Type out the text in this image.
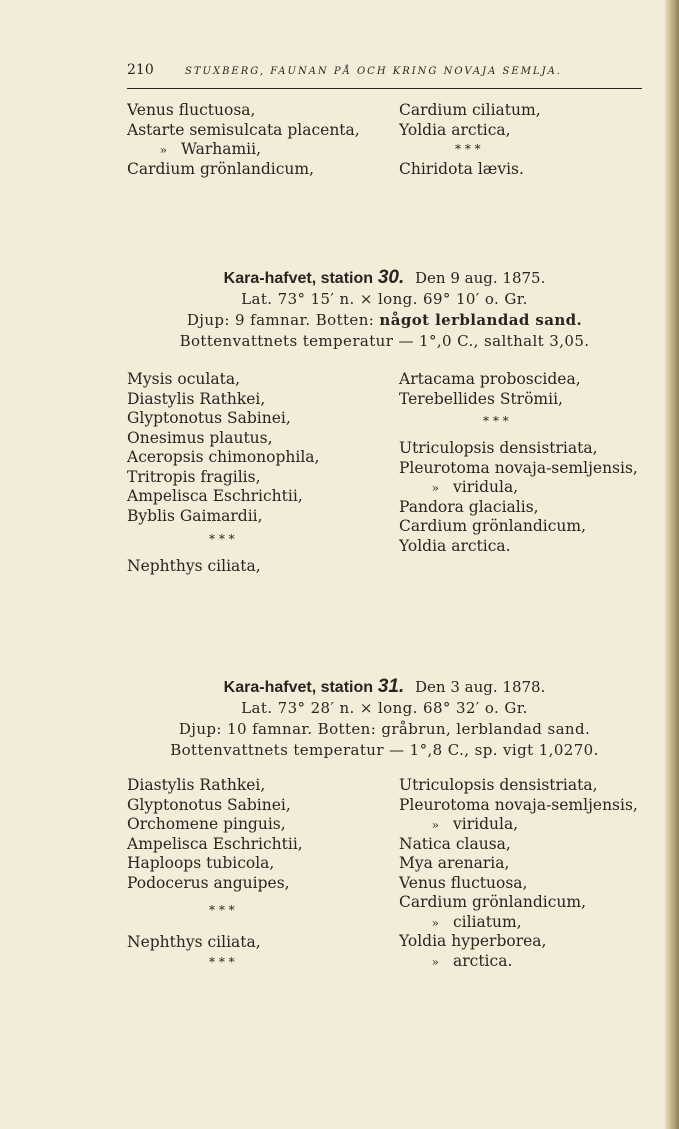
210	STUXBERG, FAUNAN PÅ OCH KRING NOVAJA SEMLJA.
Venus fluctuosa,
Astarte semisulcata placenta,
» Warhamii,
Cardium grönlandicum,
Cardium ciliatum,
Yoldia arctica,
* * *
Chiridota lævis.
Kara-hafvet, station 30. Den 9 aug. 1875.
Lat. 73° 15′ n. × long. 69° 10′ o. Gr.
Djup: 9 famnar. Botten: något lerblandad sand.
Bottenvattnets temperatur — 1°,0 C., salthalt 3,05.
Mysis oculata,
Diastylis Rathkei,
Glyptonotus Sabinei,
Onesimus plautus,
Aceropsis chimonophila,
Tritropis fragilis,
Ampelisca Eschrichtii,
Byblis Gaimardii,
* * *
Nephthys ciliata,
Artacama proboscidea,
Terebellides Strömii,
* * *
Utriculopsis densistriata,
Pleurotoma novaja-semljensis,
» viridula,
Pandora glacialis,
Cardium grönlandicum,
Yoldia arctica.
Kara-hafvet, station 31. Den 3 aug. 1878.
Lat. 73° 28′ n. × long. 68° 32′ o. Gr.
Djup: 10 famnar. Botten: gråbrun, lerblandad sand.
Bottenvattnets temperatur — 1°,8 C., sp. vigt 1,0270.
Diastylis Rathkei,
Glyptonotus Sabinei,
Orchomene pinguis,
Ampelisca Eschrichtii,
Haploops tubicola,
Podocerus anguipes,
* * *
Nephthys ciliata,
* * *
Utriculopsis densistriata,
Pleurotoma novaja-semljensis,
» viridula,
Natica clausa,
Mya arenaria,
Venus fluctuosa,
Cardium grönlandicum,
» ciliatum,
Yoldia hyperborea,
» arctica.
